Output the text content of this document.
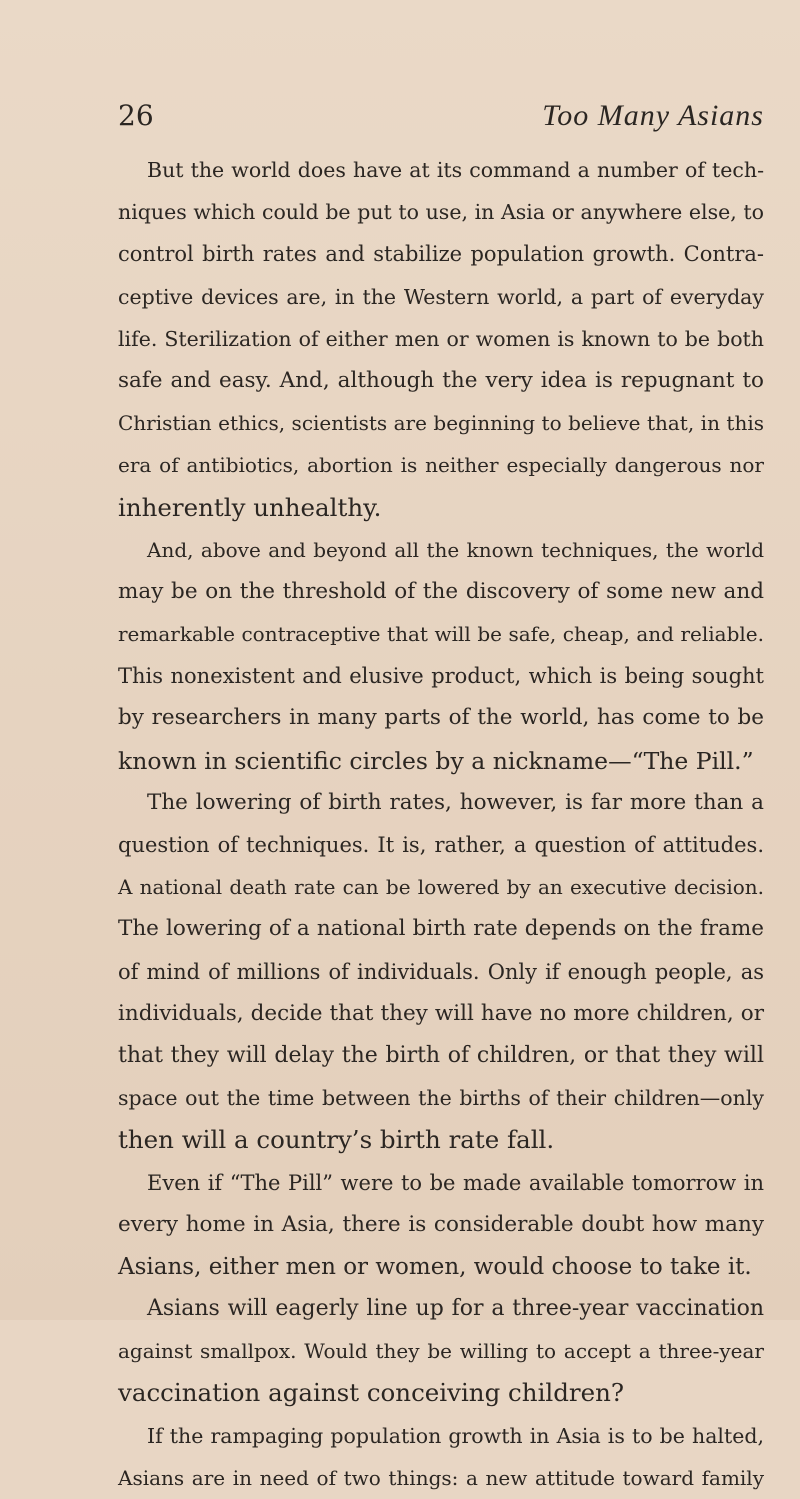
26	Too Many Asians
But the world does have at its command a number of tech-
niques which could be put to use, in Asia or anywhere else, to
control birth rates and stabilize population growth. Contra-
ceptive devices are, in the Western world, a part of everyday
life. Sterilization of either men or women is known to be both
safe and easy. And, although the very idea is repugnant to
Christian ethics, scientists are beginning to believe that, in this
era of antibiotics, abortion is neither especially dangerous nor
inherently unhealthy.
And, above and beyond all the known techniques, the world
may be on the threshold of the discovery of some new and
remarkable contraceptive that will be safe, cheap, and reliable.
This nonexistent and elusive product, which is being sought
by researchers in many parts of the world, has come to be
known in scientific circles by a nickname—“The Pill.”
The lowering of birth rates, however, is far more than a
question of techniques. It is, rather, a question of attitudes.
A national death rate can be lowered by an executive decision.
The lowering of a national birth rate depends on the frame
of mind of millions of individuals. Only if enough people, as
individuals, decide that they will have no more children, or
that they will delay the birth of children, or that they will
space out the time between the births of their children—only
then will a country’s birth rate fall.
Even if “The Pill” were to be made available tomorrow in
every home in Asia, there is considerable doubt how many
Asians, either men or women, would choose to take it.
Asians will eagerly line up for a three-year vaccination
against smallpox. Would they be willing to accept a three-year
vaccination against conceiving children?
If the rampaging population growth in Asia is to be halted,
Asians are in need of two things: a new attitude toward family
